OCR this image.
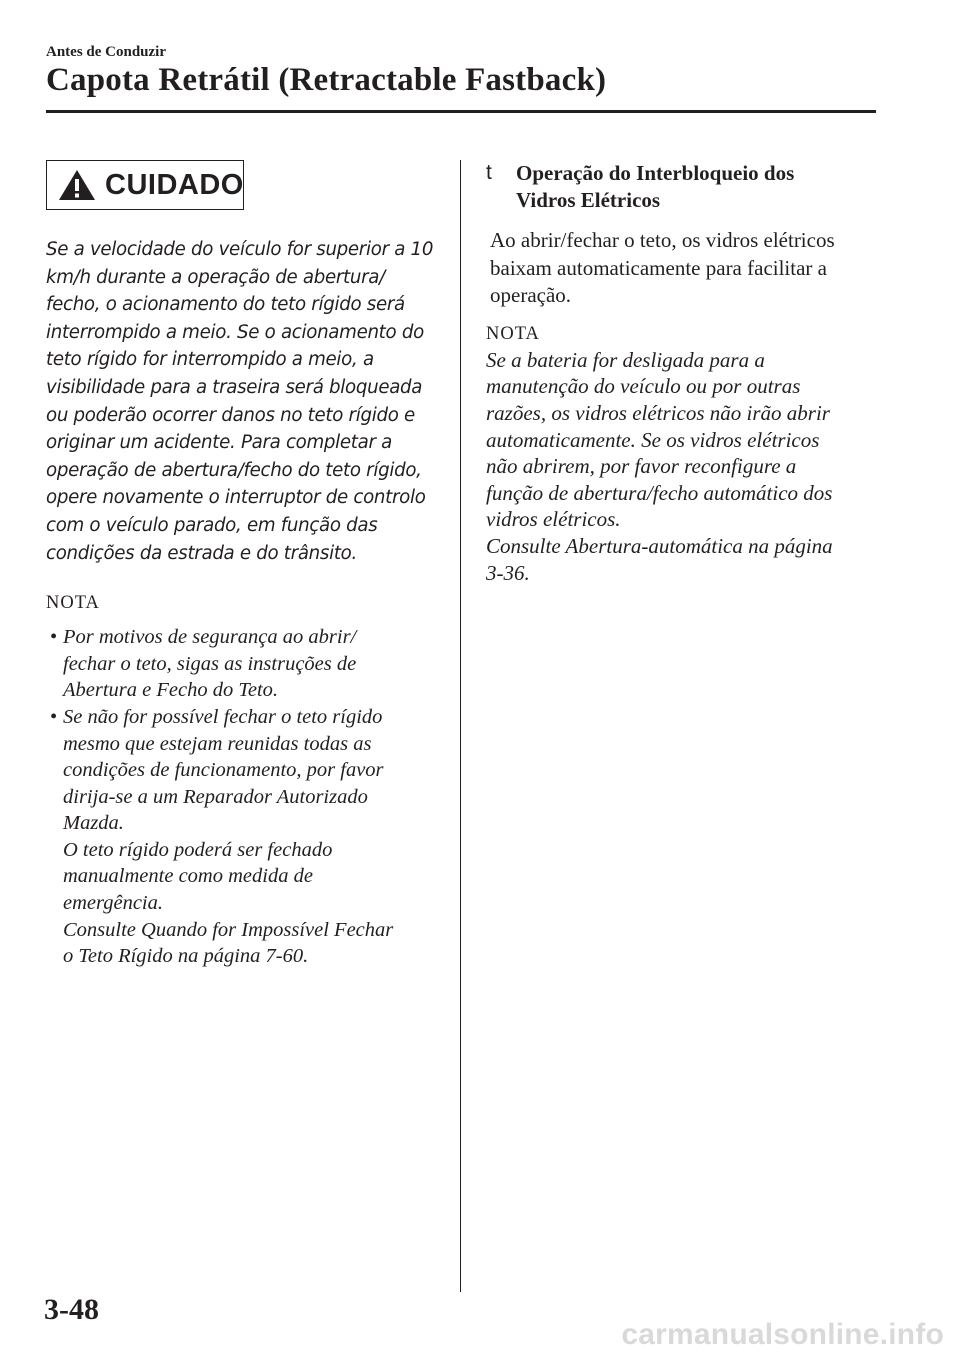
Antes de Conduzir
Capota Retrátil (Retractable Fastback)
CUIDADO

Se a velocidade do veículo for superior a 10
km/h durante a operação de abertura/
fecho, o acionamento do teto rígido será
interrompido a meio. Se o acionamento do
teto rígido for interrompido a meio, a
visibilidade para a traseira será bloqueada
ou poderão ocorrer danos no teto rígido e
originar um acidente. Para completar a
operação de abertura/fecho do teto rígido,
opere novamente o interruptor de controlo
com o veículo parado, em função das
condições da estrada e do trânsito.

NOTA

• Por motivos de segurança ao abrir/
fechar o teto, sigas as instruções de
Abertura e Fecho do Teto.
• Se não for possível fechar o teto rígido
mesmo que estejam reunidas todas as
condições de funcionamento, por favor
dirija-se a um Reparador Autorizado
Mazda.
O teto rígido poderá ser fechado
manualmente como medida de
emergência.
Consulte Quando for Impossível Fechar
o Teto Rígido na página 7-60.
t Operação do Interbloqueio dos
Vidros Elétricos

Ao abrir/fechar o teto, os vidros elétricos
baixam automaticamente para facilitar a
operação.

NOTA

Se a bateria for desligada para a
manutenção do veículo ou por outras
razões, os vidros elétricos não irão abrir
automaticamente. Se os vidros elétricos
não abrirem, por favor reconfigure a
função de abertura/fecho automático dos
vidros elétricos.
Consulte Abertura-automática na página
3-36.

3-48
carmanualsonline.info
